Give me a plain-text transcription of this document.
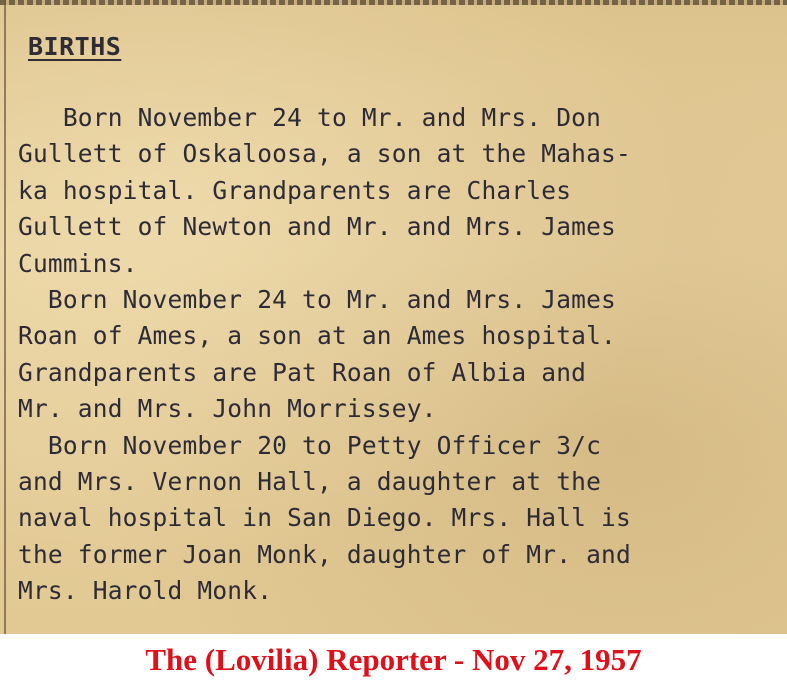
BIRTHS
Born November 24 to Mr. and Mrs. Don
Gullett of Oskaloosa, a son at the Mahas-
ka hospital. Grandparents are Charles
Gullett of Newton and Mr. and Mrs. James
Cummins.
Born November 24 to Mr. and Mrs. James
Roan of Ames, a son at an Ames hospital.
Grandparents are Pat Roan of Albia and
Mr. and Mrs. John Morrissey.
Born November 20 to Petty Officer 3/c
and Mrs. Vernon Hall, a daughter at the
naval hospital in San Diego. Mrs. Hall is
the former Joan Monk, daughter of Mr. and
Mrs. Harold Monk.
The (Lovilia) Reporter - Nov 27, 1957
